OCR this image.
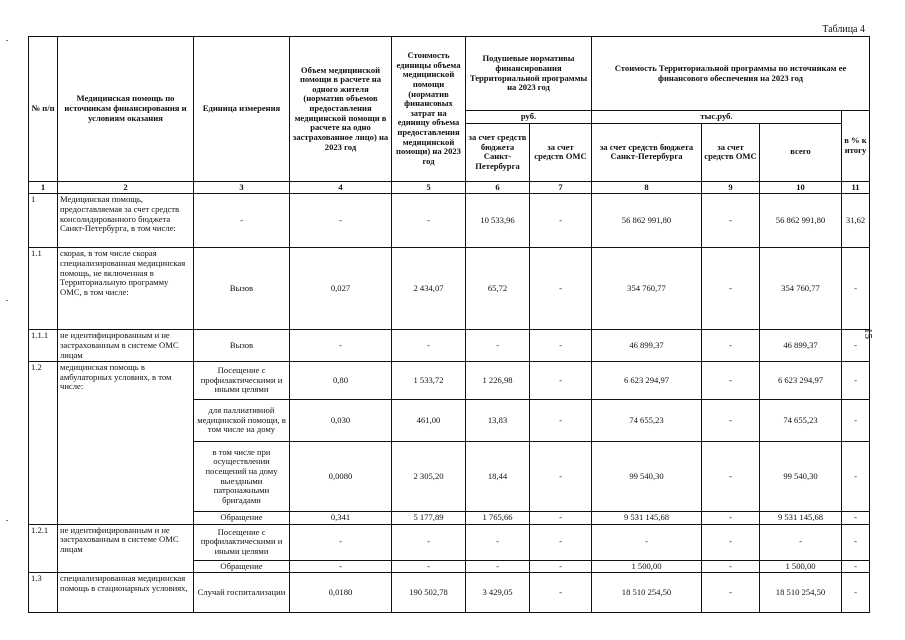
Таблица 4
15
№ п/п	Медицинская помощь по источникам финансирования и условиям оказания	Единица измерения	Объем медицинской помощи в расчете на одного жителя (норматив объемов предоставления медицинской помощи в расчете на одно застрахованное лицо) на 2023 год	Стоимость единицы объема медицинской помощи (норматив финансовых затрат на единицу объема предоставления медицинской помощи) на 2023 год	Подушевые нормативы финансирования Территориальной программы на 2023 год		Стоимость Территориальной программы по источникам ее финансового обеспечения на 2023 год			
					руб.		тыс.руб.			в % к итогу
					за счет средств бюджета Санкт-Петербурга	за счет средств ОМС	за счет средств бюджета Санкт-Петербурга	за счет средств ОМС	всего	
1	2	3	4	5	6	7	8	9	10	11
1	Медицинская помощь, предоставляемая за счет средств консолидированного бюджета Санкт-Петербурга, в том числе:	-	-	-	10 533,96	-	56 862 991,80	-	56 862 991,80	31,62
1.1	скорая, в том числе скорая специализированная медицинская помощь, не включенная в Территориальную программу ОМС, в том числе:	Вызов	0,027	2 434,07	65,72	-	354 760,77	-	354 760,77	-
1.1.1	не идентифицированным и не застрахованным в системе ОМС лицам	Вызов	-	-	-	-	46 899,37	-	46 899,37	-
1.2	медицинская помощь в амбулаторных условиях, в том числе:	Посещение с профилактическими и иными целями	0,80	1 533,72	1 226,98	-	6 623 294,97	-	6 623 294,97	-
		для паллиативной медицинской помощи, в том числе на дому	0,030	461,00	13,83	-	74 655,23	-	74 655,23	-
		в том числе при осуществлении посещений на дому выездными патронажными бригадами	0,0080	2 305,20	18,44	-	99 540,30	-	99 540,30	-
		Обращение	0,341	5 177,89	1 765,66	-	9 531 145,68	-	9 531 145,68	-
1.2.1	не идентифицированным и не застрахованным в системе ОМС лицам	Посещение с профилактическими и иными целями	-	-	-	-	-	-	-	-
		Обращение	-	-	-	-	1 500,00	-	1 500,00	-
1.3	специализированная медицинская помощь в стационарных условиях,	Случай госпитализации	0,0180	190 502,78	3 429,05	-	18 510 254,50	-	18 510 254,50	-
